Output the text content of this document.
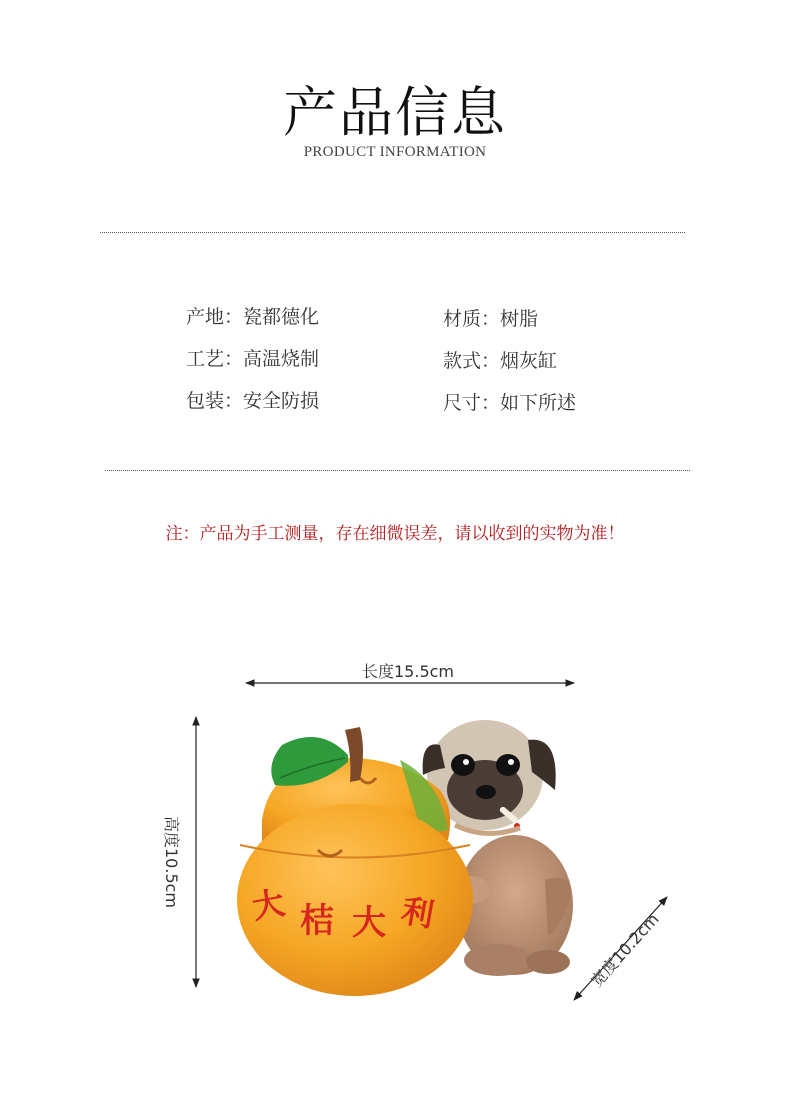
产品信息
PRODUCT INFORMATION
产地：瓷都德化	材质：树脂
工艺：高温烧制	款式：烟灰缸
包装：安全防损	尺寸：如下所述
注：产品为手工测量，存在细微误差，请以收到的实物为准！
大 桔 大 利
长度15.5cm
高度10.5cm
宽度10.2cm
